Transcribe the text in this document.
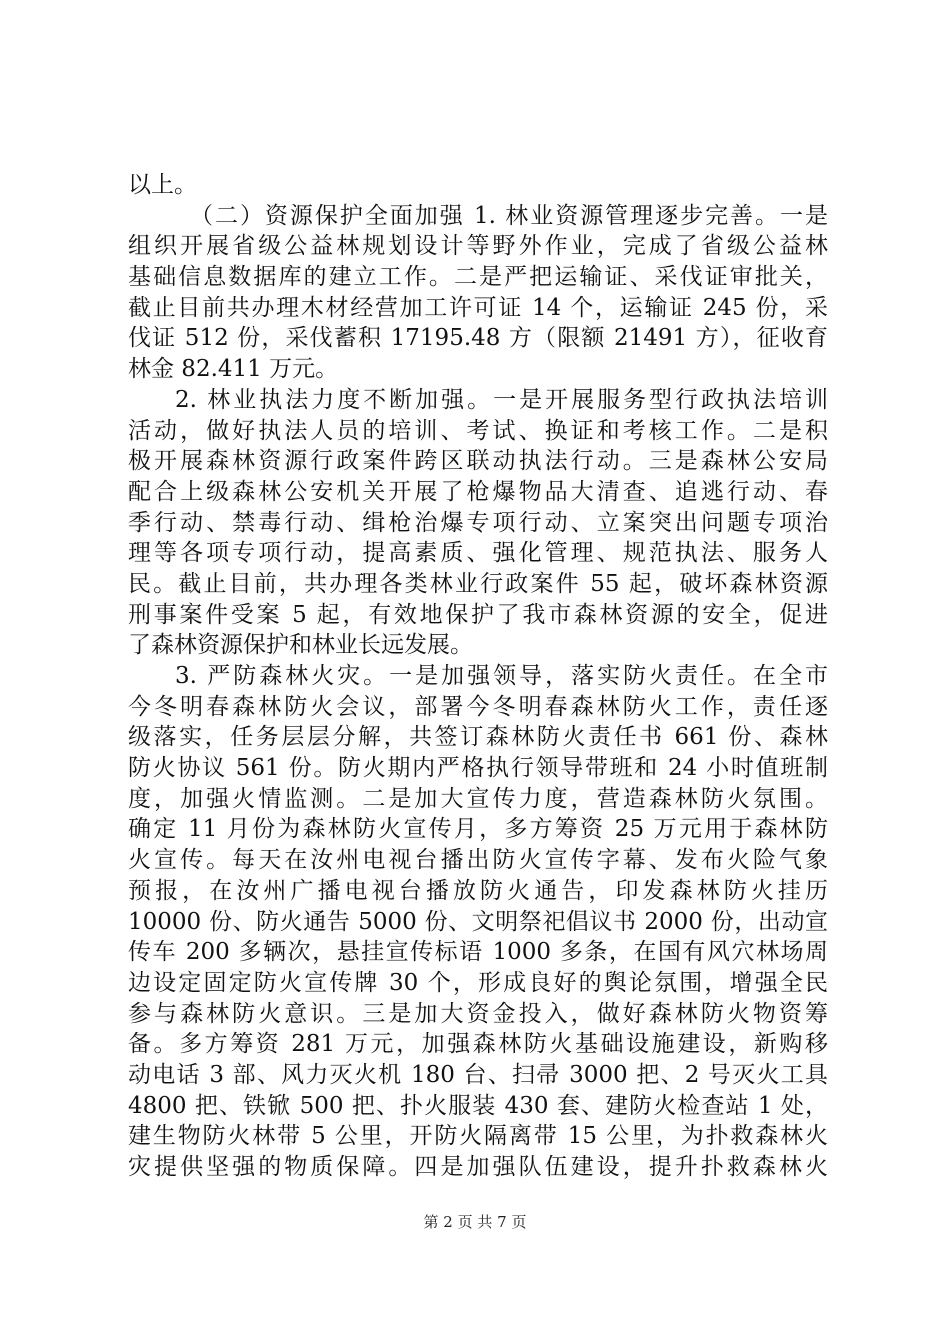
以上。
（二）资源保护全面加强 1. 林业资源管理逐步完善。一是
组织开展省级公益林规划设计等野外作业，完成了省级公益林
基础信息数据库的建立工作。二是严把运输证、采伐证审批关，
截止目前共办理木材经营加工许可证 14 个，运输证 245 份，采
伐证 512 份，采伐蓄积 17195.48 方（限额 21491 方），征收育
林金 82.411 万元。
2. 林业执法力度不断加强。一是开展服务型行政执法培训
活动，做好执法人员的培训、考试、换证和考核工作。二是积
极开展森林资源行政案件跨区联动执法行动。三是森林公安局
配合上级森林公安机关开展了枪爆物品大清查、追逃行动、春
季行动、禁毒行动、缉枪治爆专项行动、立案突出问题专项治
理等各项专项行动，提高素质、强化管理、规范执法、服务人
民。截止目前，共办理各类林业行政案件 55 起，破坏森林资源
刑事案件受案 5 起，有效地保护了我市森林资源的安全，促进
了森林资源保护和林业长远发展。
3. 严防森林火灾。一是加强领导，落实防火责任。在全市
今冬明春森林防火会议，部署今冬明春森林防火工作，责任逐
级落实，任务层层分解，共签订森林防火责任书 661 份、森林
防火协议 561 份。防火期内严格执行领导带班和 24 小时值班制
度，加强火情监测。二是加大宣传力度，营造森林防火氛围。
确定 11 月份为森林防火宣传月，多方筹资 25 万元用于森林防
火宣传。每天在汝州电视台播出防火宣传字幕、发布火险气象
预报，在汝州广播电视台播放防火通告，印发森林防火挂历
10000 份、防火通告 5000 份、文明祭祀倡议书 2000 份，出动宣
传车 200 多辆次，悬挂宣传标语 1000 多条，在国有风穴林场周
边设定固定防火宣传牌 30 个，形成良好的舆论氛围，增强全民
参与森林防火意识。三是加大资金投入，做好森林防火物资筹
备。多方筹资 281 万元，加强森林防火基础设施建设，新购移
动电话 3 部、风力灭火机 180 台、扫帚 3000 把、2 号灭火工具
4800 把、铁锨 500 把、扑火服装 430 套、建防火检查站 1 处，
建生物防火林带 5 公里，开防火隔离带 15 公里，为扑救森林火
灾提供坚强的物质保障。四是加强队伍建设，提升扑救森林火
第 2 页 共 7 页
